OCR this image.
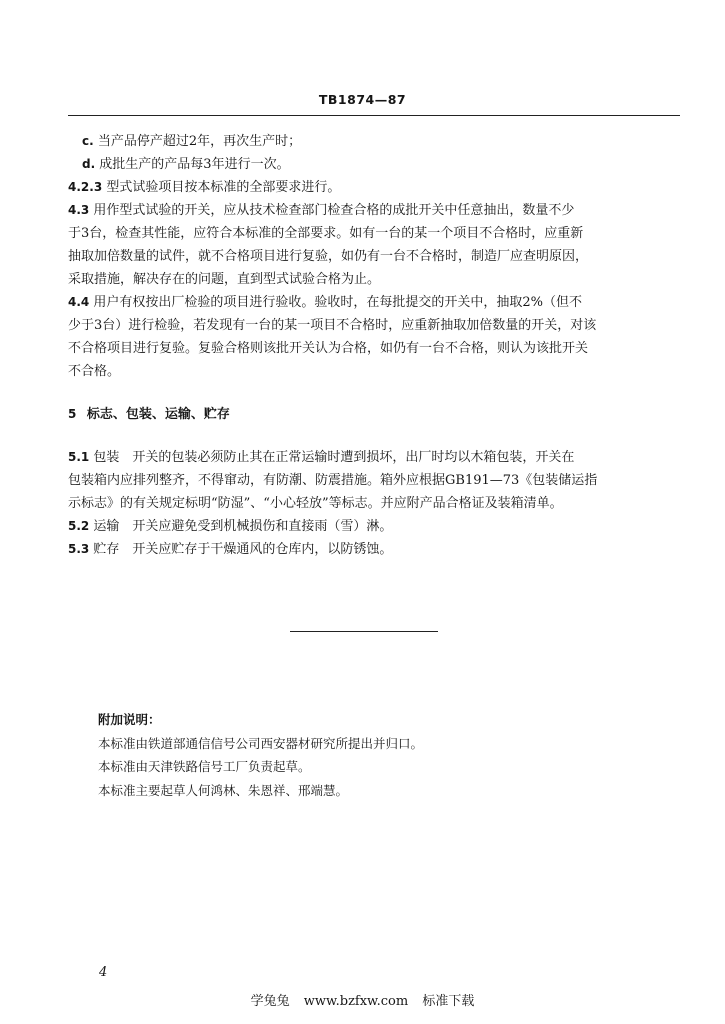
TB1874—87
c. 当产品停产超过2年，再次生产时；
d. 成批生产的产品每3年进行一次。
4.2.3 型式试验项目按本标准的全部要求进行。
4.3 用作型式试验的开关，应从技术检查部门检查合格的成批开关中任意抽出，数量不少
于3台，检查其性能，应符合本标准的全部要求。如有一台的某一个项目不合格时，应重新
抽取加倍数量的试件，就不合格项目进行复验，如仍有一台不合格时，制造厂应查明原因，
采取措施，解决存在的问题，直到型式试验合格为止。
4.4 用户有权按出厂检验的项目进行验收。验收时，在每批提交的开关中，抽取2%（但不
少于3台）进行检验，若发现有一台的某一项目不合格时，应重新抽取加倍数量的开关，对该
不合格项目进行复验。复验合格则该批开关认为合格，如仍有一台不合格，则认为该批开关
不合格。
5 标志、包装、运输、贮存
5.1 包装　开关的包装必须防止其在正常运输时遭到损坏，出厂时均以木箱包装，开关在
包装箱内应排列整齐，不得窜动，有防潮、防震措施。箱外应根据GB191—73《包装储运指
示标志》的有关规定标明“防湿”、“小心轻放”等标志。并应附产品合格证及装箱清单。
5.2 运输　开关应避免受到机械损伤和直接雨（雪）淋。
5.3 贮存　开关应贮存于干燥通风的仓库内，以防锈蚀。
附加说明：
本标准由铁道部通信信号公司西安器材研究所提出并归口。
本标准由天津铁路信号工厂负责起草。
本标准主要起草人何鸿林、朱恩祥、邢端慧。
4
学兔兔 www.bzfxw.com 标准下载
